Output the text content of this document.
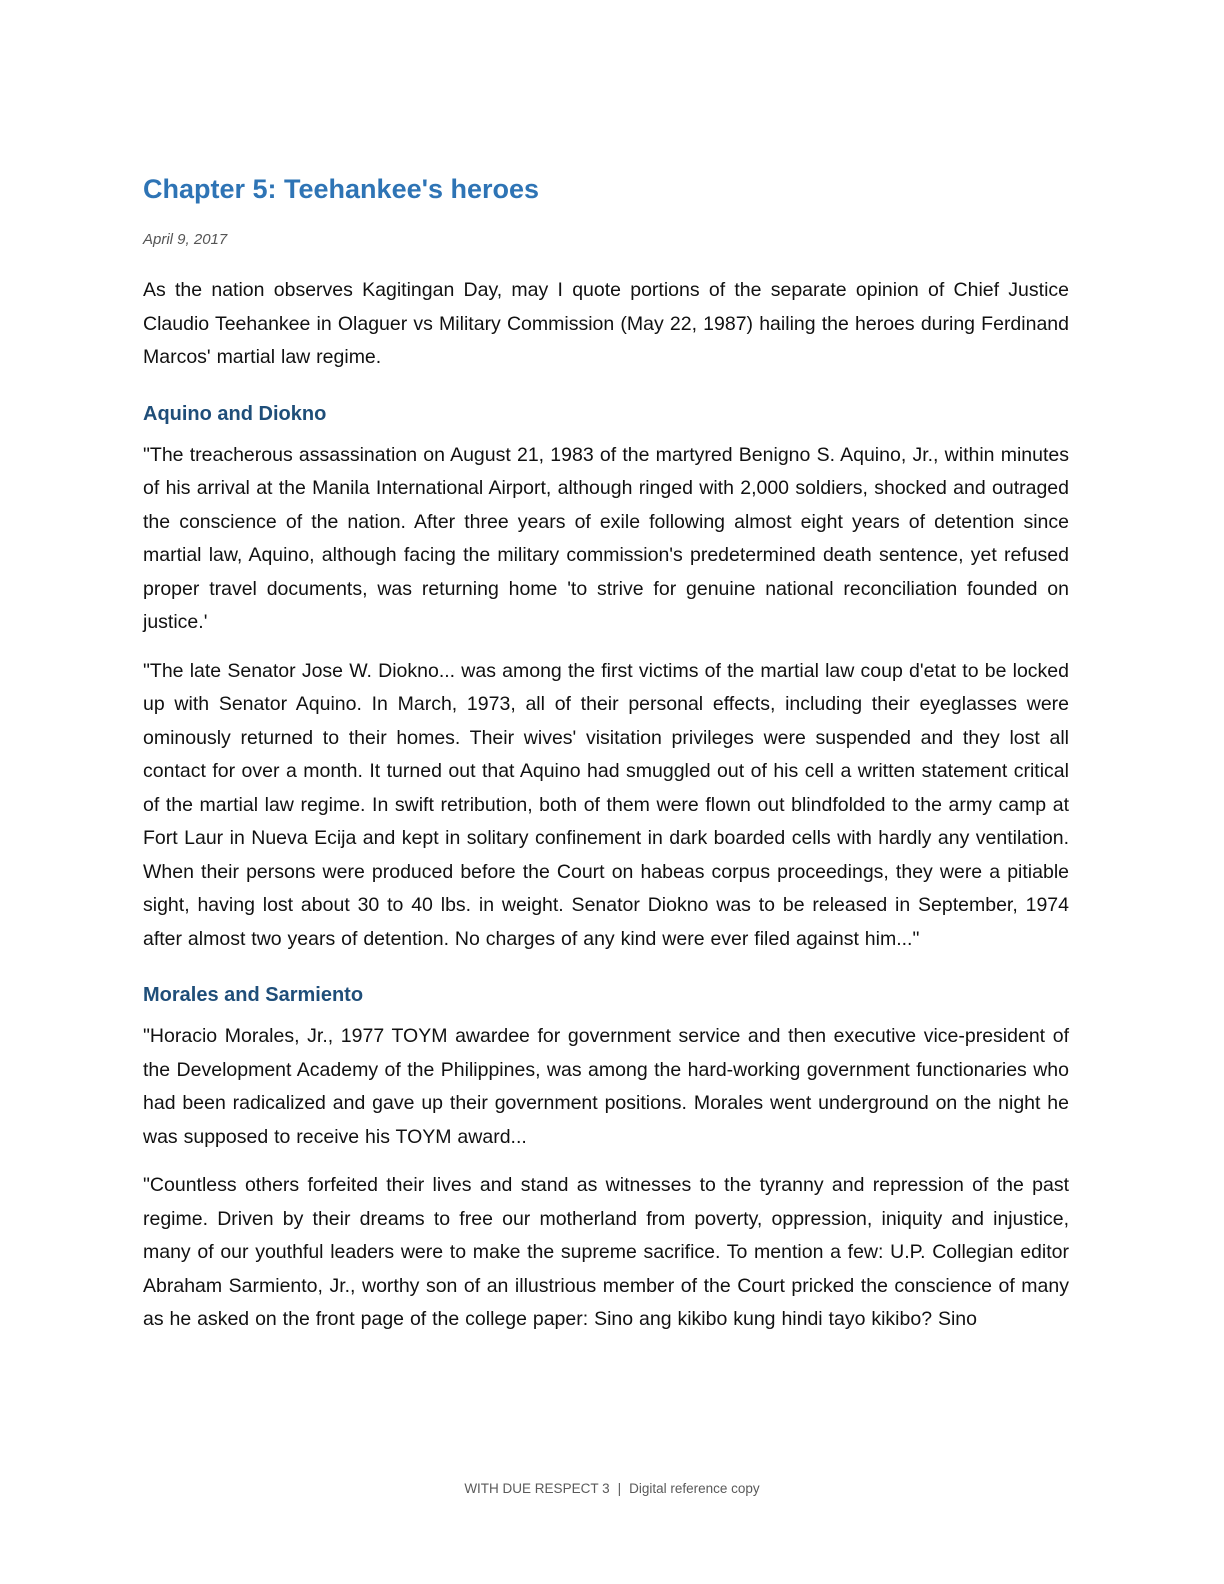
Chapter 5: Teehankee's heroes
April 9, 2017

As the nation observes Kagitingan Day, may I quote portions of the separate opinion of Chief Justice Claudio Teehankee in Olaguer vs Military Commission (May 22, 1987) hailing the heroes during Ferdinand Marcos' martial law regime.

Aquino and Diokno

"The treacherous assassination on August 21, 1983 of the martyred Benigno S. Aquino, Jr., within minutes of his arrival at the Manila International Airport, although ringed with 2,000 soldiers, shocked and outraged the conscience of the nation. After three years of exile following almost eight years of detention since martial law, Aquino, although facing the military commission's predetermined death sentence, yet refused proper travel documents, was returning home 'to strive for genuine national reconciliation founded on justice.'

"The late Senator Jose W. Diokno... was among the first victims of the martial law coup d'etat to be locked up with Senator Aquino. In March, 1973, all of their personal effects, including their eyeglasses were ominously returned to their homes. Their wives' visitation privileges were suspended and they lost all contact for over a month. It turned out that Aquino had smuggled out of his cell a written statement critical of the martial law regime. In swift retribution, both of them were flown out blindfolded to the army camp at Fort Laur in Nueva Ecija and kept in solitary confinement in dark boarded cells with hardly any ventilation. When their persons were produced before the Court on habeas corpus proceedings, they were a pitiable sight, having lost about 30 to 40 lbs. in weight. Senator Diokno was to be released in September, 1974 after almost two years of detention. No charges of any kind were ever filed against him..."

Morales and Sarmiento

"Horacio Morales, Jr., 1977 TOYM awardee for government service and then executive vice-president of the Development Academy of the Philippines, was among the hard-working government functionaries who had been radicalized and gave up their government positions. Morales went underground on the night he was supposed to receive his TOYM award...

"Countless others forfeited their lives and stand as witnesses to the tyranny and repression of the past regime. Driven by their dreams to free our motherland from poverty, oppression, iniquity and injustice, many of our youthful leaders were to make the supreme sacrifice. To mention a few: U.P. Collegian editor Abraham Sarmiento, Jr., worthy son of an illustrious member of the Court pricked the conscience of many as he asked on the front page of the college paper: Sino ang kikibo kung hindi tayo kikibo? Sino

WITH DUE RESPECT 3 | Digital reference copy
